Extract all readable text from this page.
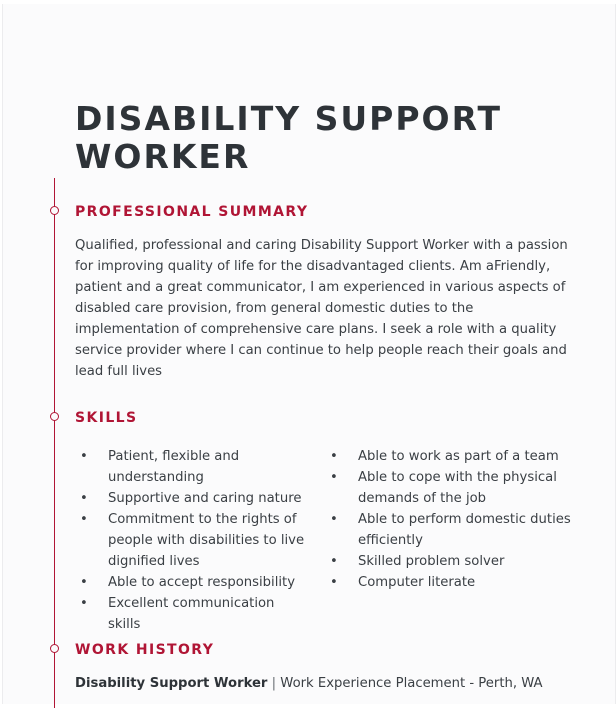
DISABILITY SUPPORT WORKER
PROFESSIONAL SUMMARY

Qualified, professional and caring Disability Support Worker with a passion for improving quality of life for the disadvantaged clients. Am aFriendly, patient and a great communicator, I am experienced in various aspects of disabled care provision, from general domestic duties to the implementation of comprehensive care plans. I seek a role with a quality service provider where I can continue to help people reach their goals and lead full lives

SKILLS
• Patient, flexible and understanding
• Supportive and caring nature
• Commitment to the rights of people with disabilities to live dignified lives
• Able to accept responsibility
• Excellent communication skills
• Able to work as part of a team
• Able to cope with the physical demands of the job
• Able to perform domestic duties efficiently
• Skilled problem solver
• Computer literate
WORK HISTORY
Disability Support Worker | Work Experience Placement - Perth, WA
